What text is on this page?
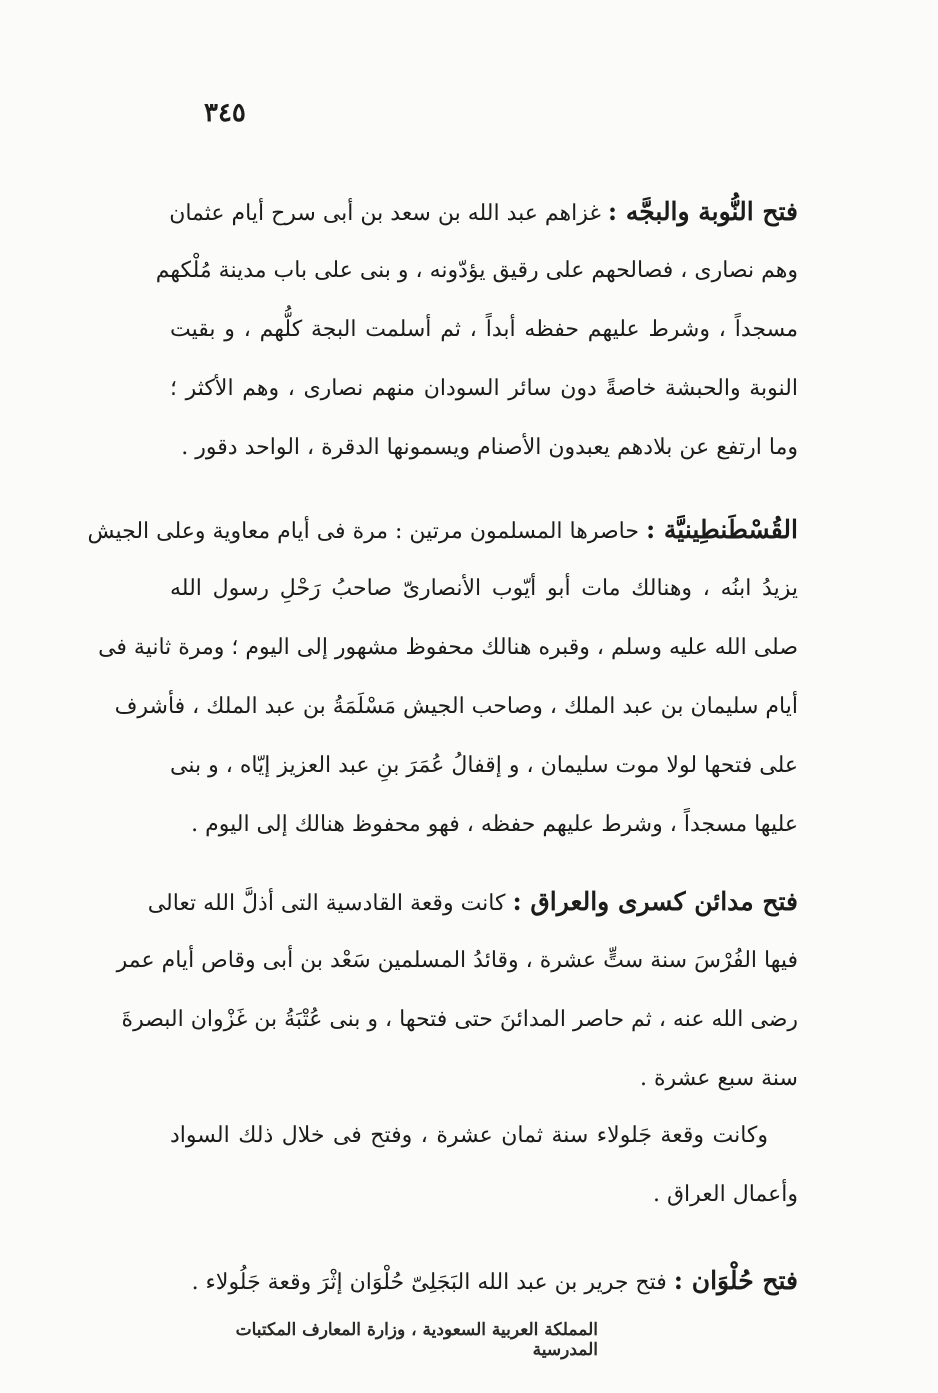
٣٤٥
فتح النُّوبة والبجَّه : غزاهم عبد الله بن سعد بن أبى سرح أيام عثمان
وهم نصارى ، فصالحهم على رقيق يؤدّونه ، و بنى على باب مدينة مُلْكهم
مسجداً ، وشرط عليهم حفظه أبداً ، ثم أسلمت البجة كلُّهم ، و بقيت
النوبة والحبشة خاصةً دون سائر السودان منهم نصارى ، وهم الأكثر ؛
وما ارتفع عن بلادهم يعبدون الأصنام ويسمونها الدقرة ، الواحد دقور .
القُسْطَنطِينيَّة : حاصرها المسلمون مرتين : مرة فى أيام معاوية وعلى الجيش
يزيدُ ابنُه ، وهنالك مات أبو أيّوب الأنصارىّ صاحبُ رَحْلِ رسول الله
صلى الله عليه وسلم ، وقبره هنالك محفوظ مشهور إلى اليوم ؛ ومرة ثانية فى
أيام سليمان بن عبد الملك ، وصاحب الجيش مَسْلَمَةُ بن عبد الملك ، فأشرف
على فتحها لولا موت سليمان ، و إقفالُ عُمَرَ بنِ عبد العزيز إيّاه ، و بنى
عليها مسجداً ، وشرط عليهم حفظه ، فهو محفوظ هنالك إلى اليوم .
فتح مدائن كسرى والعراق : كانت وقعة القادسية التى أذلَّ الله تعالى
فيها الفُرْسَ سنة ستٍّ عشرة ، وقائدُ المسلمين سَعْد بن أبى وقاص أيام عمر
رضى الله عنه ، ثم حاصر المدائنَ حتى فتحها ، و بنى عُتْبَةُ بن غَزْوان البصرةَ
سنة سبع عشرة .
وكانت وقعة جَلولاء سنة ثمان عشرة ، وفتح فى خلال ذلك السواد
وأعمال العراق .
فتح حُلْوَان : فتح جرير بن عبد الله البَجَلِىّ حُلْوَان إثْرَ وقعة جَلُولاء .
المملكة العربية السعودية ، وزارة المعارف المكتبات المدرسية
